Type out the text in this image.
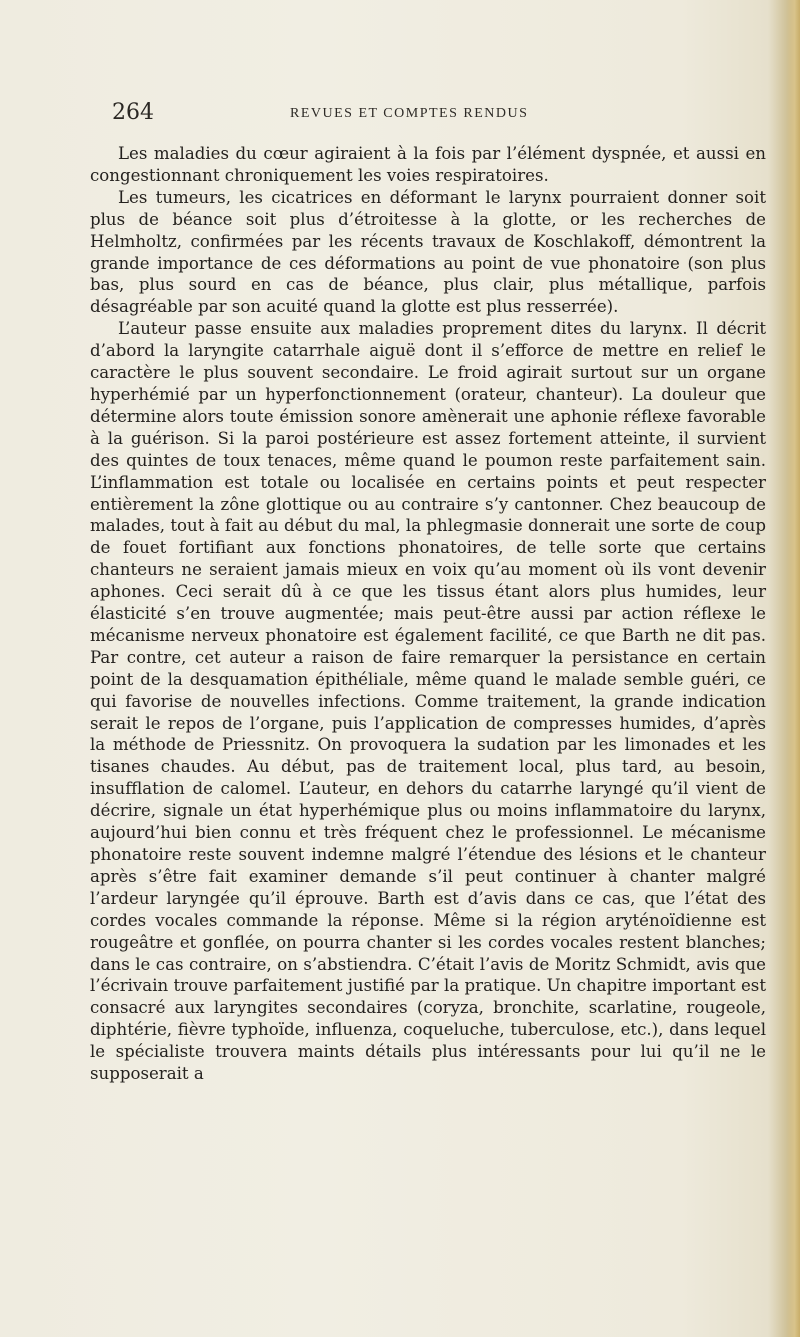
264	REVUES ET COMPTES RENDUS

Les maladies du cœur agiraient à la fois par l’élément dyspnée, et aussi en congestionnant chroniquement les voies respiratoires.

Les tumeurs, les cicatrices en déformant le larynx pourraient donner soit plus de béance soit plus d’étroitesse à la glotte, or les recherches de Helmholtz, confirmées par les récents travaux de Koschlakoff, démontrent la grande importance de ces déformations au point de vue phonatoire (son plus bas, plus sourd en cas de béance, plus clair, plus métallique, parfois désagréable par son acuité quand la glotte est plus resserrée).

L’auteur passe ensuite aux maladies proprement dites du larynx. Il décrit d’abord la laryngite catarrhale aiguë dont il s’efforce de mettre en relief le caractère le plus souvent secondaire. Le froid agirait surtout sur un organe hyperhémié par un hyperfonctionnement (orateur, chanteur). La douleur que détermine alors toute émission sonore amènerait une aphonie réflexe favorable à la guérison. Si la paroi postérieure est assez fortement atteinte, il survient des quintes de toux tenaces, même quand le poumon reste parfaitement sain. L’inflammation est totale ou localisée en certains points et peut respecter entièrement la zône glottique ou au contraire s’y cantonner. Chez beaucoup de malades, tout à fait au début du mal, la phlegmasie donnerait une sorte de coup de fouet fortifiant aux fonctions phonatoires, de telle sorte que certains chanteurs ne seraient jamais mieux en voix qu’au moment où ils vont devenir aphones. Ceci serait dû à ce que les tissus étant alors plus humides, leur élasticité s’en trouve augmentée; mais peut-être aussi par action réflexe le mécanisme nerveux phonatoire est également facilité, ce que Barth ne dit pas. Par contre, cet auteur a raison de faire remarquer la persistance en certain point de la desquamation épithéliale, même quand le malade semble guéri, ce qui favorise de nouvelles infections. Comme traitement, la grande indication serait le repos de l’organe, puis l’application de compresses humides, d’après la méthode de Priessnitz. On provoquera la sudation par les limonades et les tisanes chaudes. Au début, pas de traitement local, plus tard, au besoin, insufflation de calomel. L’auteur, en dehors du catarrhe laryngé qu’il vient de décrire, signale un état hyperhémique plus ou moins inflammatoire du larynx, aujourd’hui bien connu et très fréquent chez le professionnel. Le mécanisme phonatoire reste souvent indemne malgré l’étendue des lésions et le chanteur après s’être fait examiner demande s’il peut continuer à chanter malgré l’ardeur laryngée qu’il éprouve. Barth est d’avis dans ce cas, que l’état des cordes vocales commande la réponse. Même si la région aryténoïdienne est rougeâtre et gonflée, on pourra chanter si les cordes vocales restent blanches; dans le cas contraire, on s’abstiendra. C’était l’avis de Moritz Schmidt, avis que l’écrivain trouve parfaitement justifié par la pratique. Un chapitre important est consacré aux laryngites secondaires (coryza, bronchite, scarlatine, rougeole, diphtérie, fièvre typhoïde, influenza, coqueluche, tuberculose, etc.), dans lequel le spécialiste trouvera maints détails plus intéressants pour lui qu’il ne le supposerait a
